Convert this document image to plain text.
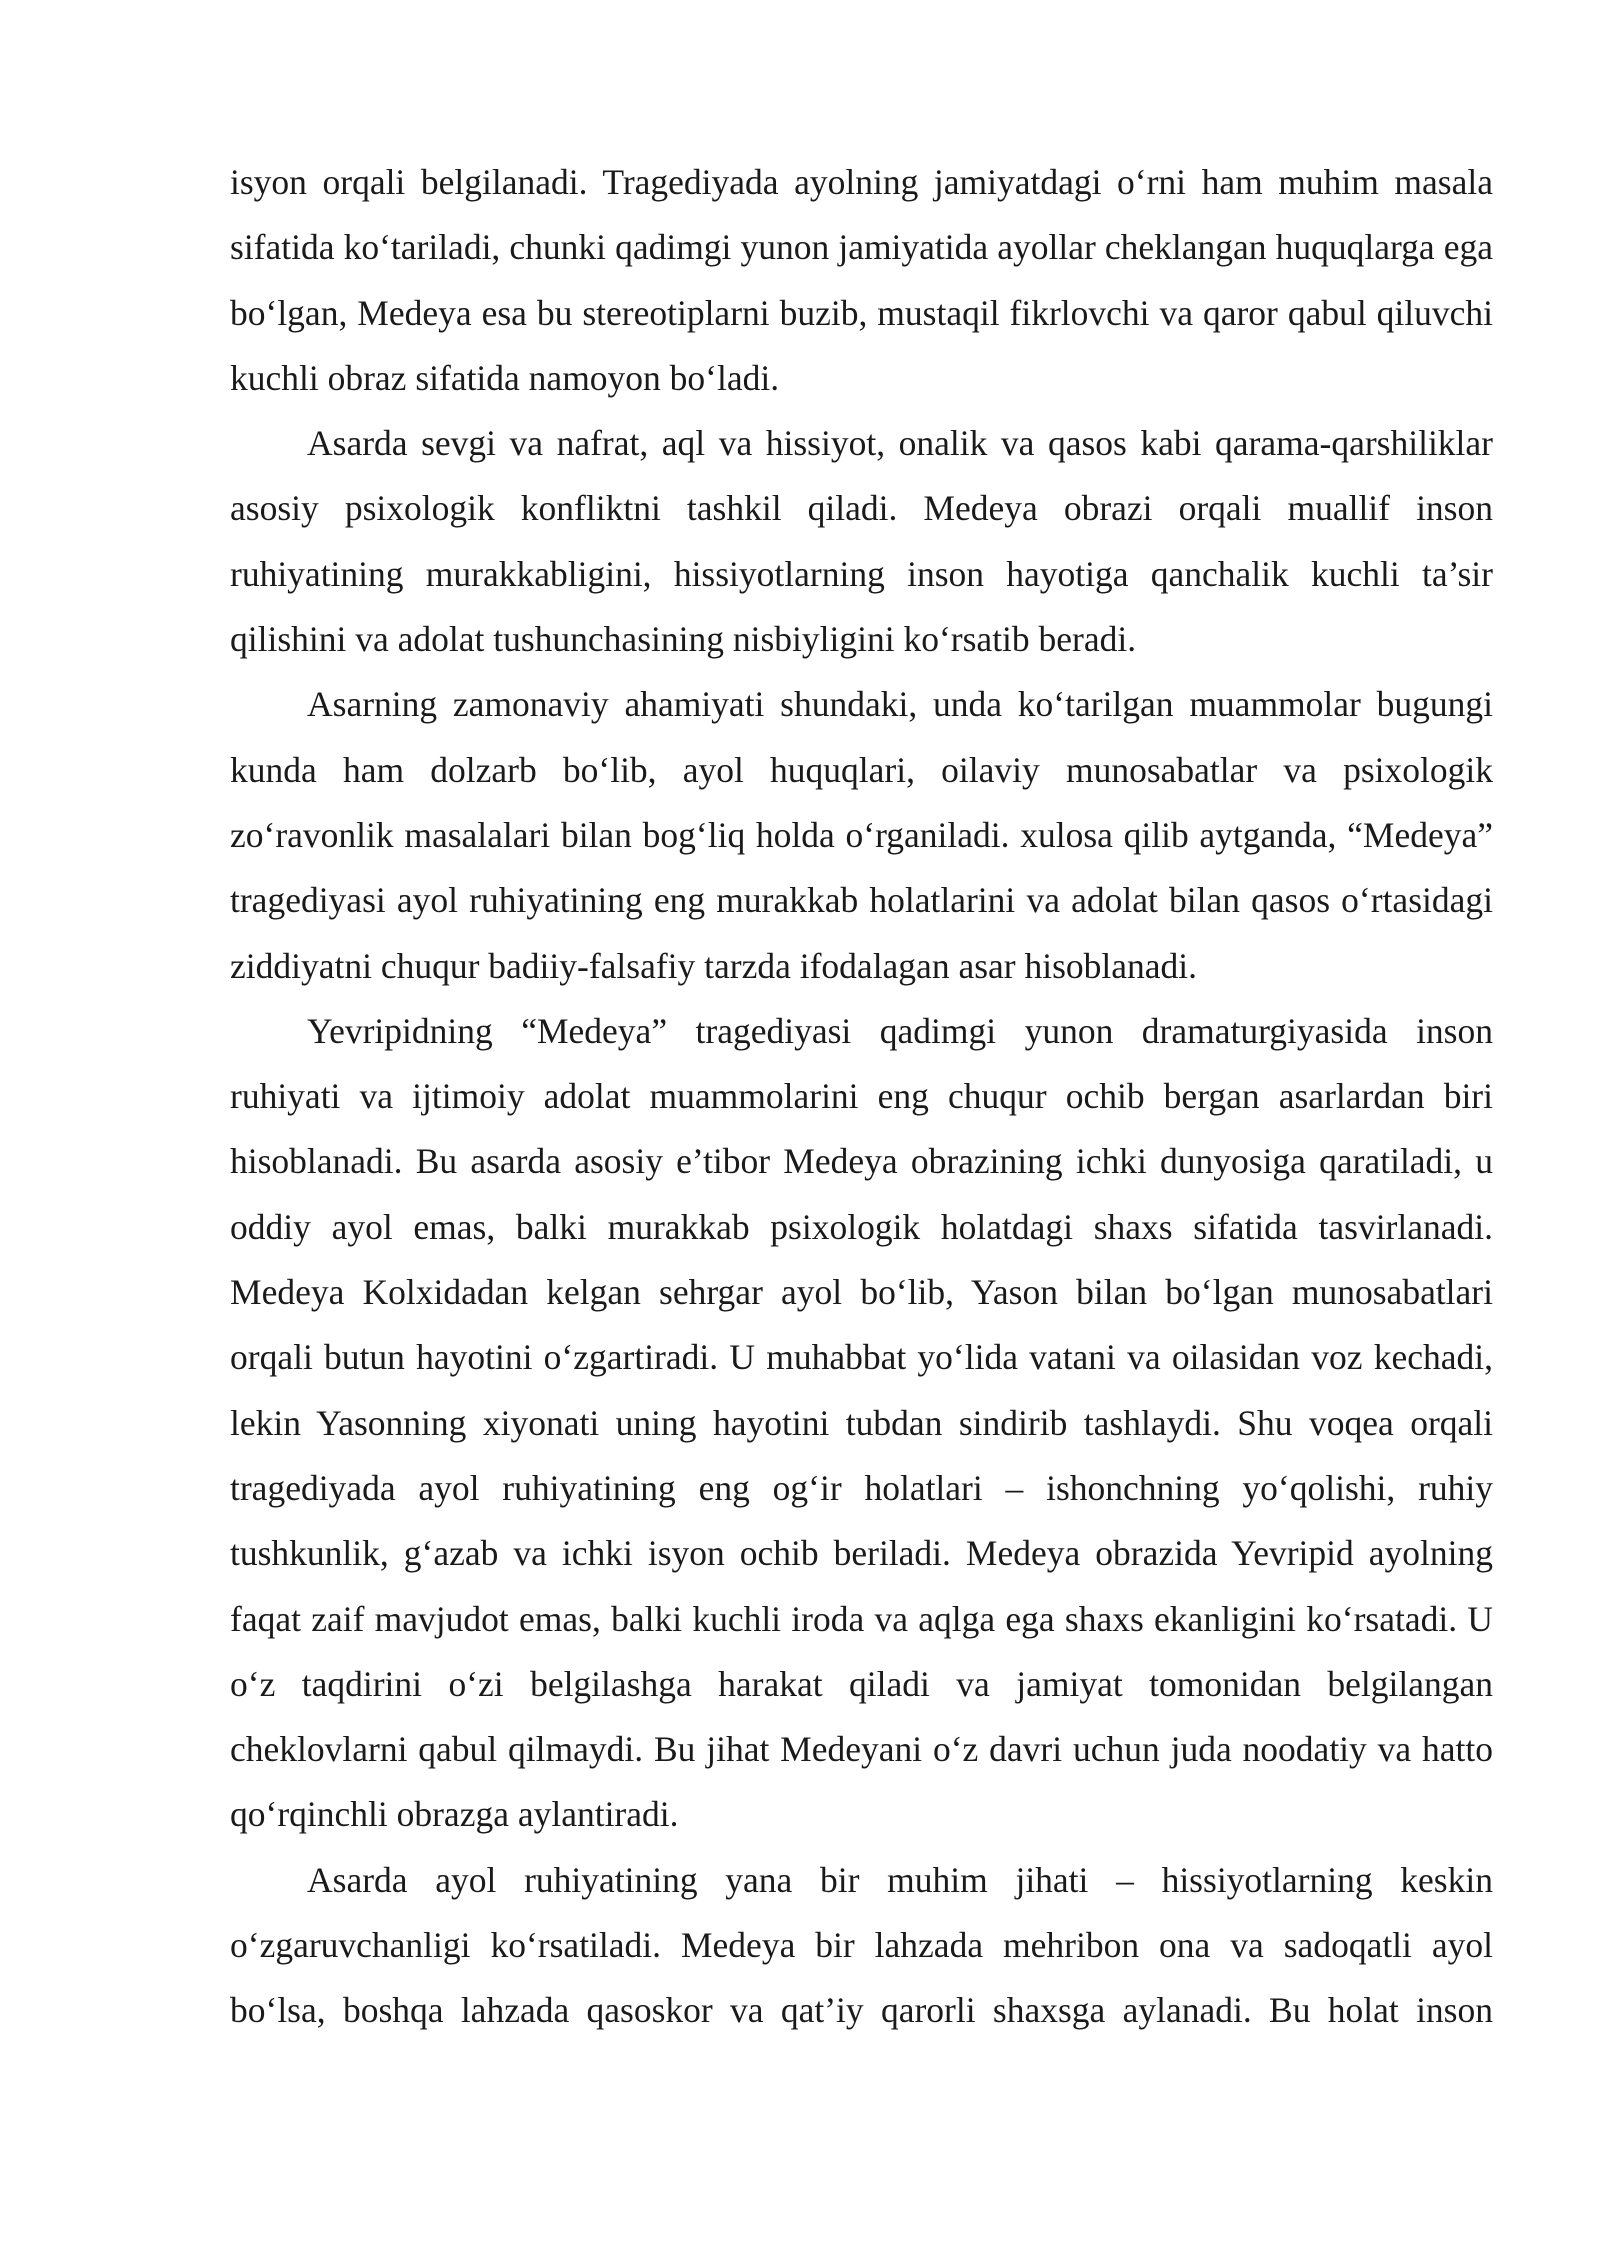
isyon orqali belgilanadi. Tragediyada ayolning jamiyatdagi o‘rni ham muhim masala sifatida ko‘tariladi, chunki qadimgi yunon jamiyatida ayollar cheklangan huquqlarga ega bo‘lgan, Medeya esa bu stereotiplarni buzib, mustaqil fikrlovchi va qaror qabul qiluvchi kuchli obraz sifatida namoyon bo‘ladi.

Asarda sevgi va nafrat, aql va hissiyot, onalik va qasos kabi qarama-qarshiliklar asosiy psixologik konfliktni tashkil qiladi. Medeya obrazi orqali muallif inson ruhiyatining murakkabligini, hissiyotlarning inson hayotiga qanchalik kuchli ta’sir qilishini va adolat tushunchasining nisbiyligini ko‘rsatib beradi.

Asarning zamonaviy ahamiyati shundaki, unda ko‘tarilgan muammolar bugungi kunda ham dolzarb bo‘lib, ayol huquqlari, oilaviy munosabatlar va psixologik zo‘ravonlik masalalari bilan bog‘liq holda o‘rganiladi. xulosa qilib aytganda, “Medeya” tragediyasi ayol ruhiyatining eng murakkab holatlarini va adolat bilan qasos o‘rtasidagi ziddiyatni chuqur badiiy-falsafiy tarzda ifodalagan asar hisoblanadi.

Yevripidning “Medeya” tragediyasi qadimgi yunon dramaturgiyasida inson ruhiyati va ijtimoiy adolat muammolarini eng chuqur ochib bergan asarlardan biri hisoblanadi. Bu asarda asosiy e’tibor Medeya obrazining ichki dunyosiga qaratiladi, u oddiy ayol emas, balki murakkab psixologik holatdagi shaxs sifatida tasvirlanadi. Medeya Kolxidadan kelgan sehrgar ayol bo‘lib, Yason bilan bo‘lgan munosabatlari orqali butun hayotini o‘zgartiradi. U muhabbat yo‘lida vatani va oilasidan voz kechadi, lekin Yasonning xiyonati uning hayotini tubdan sindirib tashlaydi. Shu voqea orqali tragediyada ayol ruhiyatining eng og‘ir holatlari – ishonchning yo‘qolishi, ruhiy tushkunlik, g‘azab va ichki isyon ochib beriladi. Medeya obrazida Yevripid ayolning faqat zaif mavjudot emas, balki kuchli iroda va aqlga ega shaxs ekanligini ko‘rsatadi. U o‘z taqdirini o‘zi belgilashga harakat qiladi va jamiyat tomonidan belgilangan cheklovlarni qabul qilmaydi. Bu jihat Medeyani o‘z davri uchun juda noodatiy va hatto qo‘rqinchli obrazga aylantiradi.

Asarda ayol ruhiyatining yana bir muhim jihati – hissiyotlarning keskin o‘zgaruvchanligi ko‘rsatiladi. Medeya bir lahzada mehribon ona va sadoqatli ayol bo‘lsa, boshqa lahzada qasoskor va qat’iy qarorli shaxsga aylanadi. Bu holat inson
